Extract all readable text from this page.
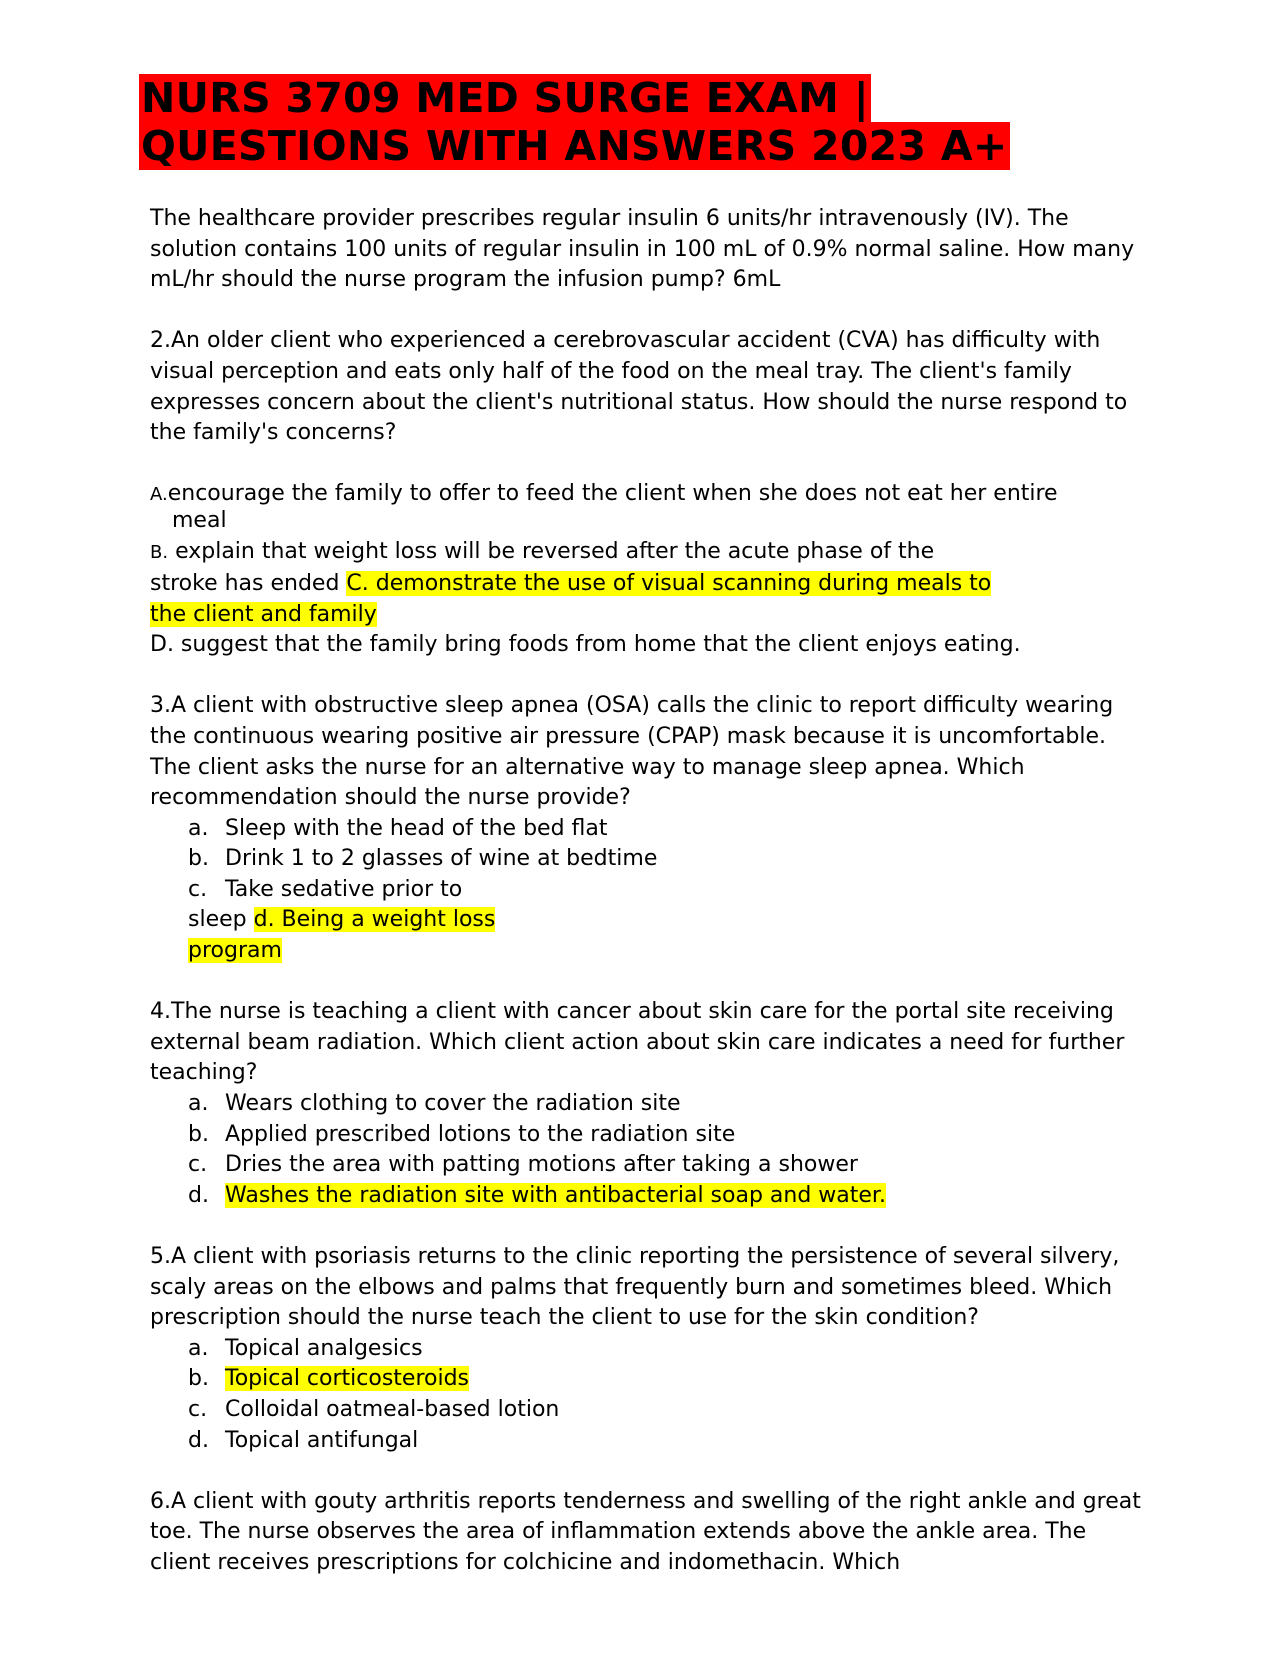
NURS 3709 MED SURGE EXAM |
QUESTIONS WITH ANSWERS 2023 A+

The healthcare provider prescribes regular insulin 6 units/hr intravenously (IV). The solution contains 100 units of regular insulin in 100 mL of 0.9% normal saline. How many mL/hr should the nurse program the infusion pump? 6mL

2.An older client who experienced a cerebrovascular accident (CVA) has difficulty with visual perception and eats only half of the food on the meal tray. The client's family expresses concern about the client's nutritional status. How should the nurse respond to the family's concerns?

A.encourage the family to offer to feed the client when she does not eat her entire
meal

B. explain that weight loss will be reversed after the acute phase of the

stroke has ended C. demonstrate the use of visual scanning during meals to

the client and family

D. suggest that the family bring foods from home that the client enjoys eating.

3.A client with obstructive sleep apnea (OSA) calls the clinic to report difficulty wearing the continuous wearing positive air pressure (CPAP) mask because it is uncomfortable. The client asks the nurse for an alternative way to manage sleep apnea. Which recommendation should the nurse provide?

a. Sleep with the head of the bed flat
b. Drink 1 to 2 glasses of wine at bedtime
c. Take sedative prior to
sleep d. Being a weight loss
program

4.The nurse is teaching a client with cancer about skin care for the portal site receiving external beam radiation. Which client action about skin care indicates a need for further teaching?

a. Wears clothing to cover the radiation site
b. Applied prescribed lotions to the radiation site
c. Dries the area with patting motions after taking a shower
d. Washes the radiation site with antibacterial soap and water.

5.A client with psoriasis returns to the clinic reporting the persistence of several silvery, scaly areas on the elbows and palms that frequently burn and sometimes bleed. Which prescription should the nurse teach the client to use for the skin condition?

a. Topical analgesics
b. Topical corticosteroids
c. Colloidal oatmeal-based lotion
d. Topical antifungal

6.A client with gouty arthritis reports tenderness and swelling of the right ankle and great toe. The nurse observes the area of inflammation extends above the ankle area. The client receives prescriptions for colchicine and indomethacin. Which
